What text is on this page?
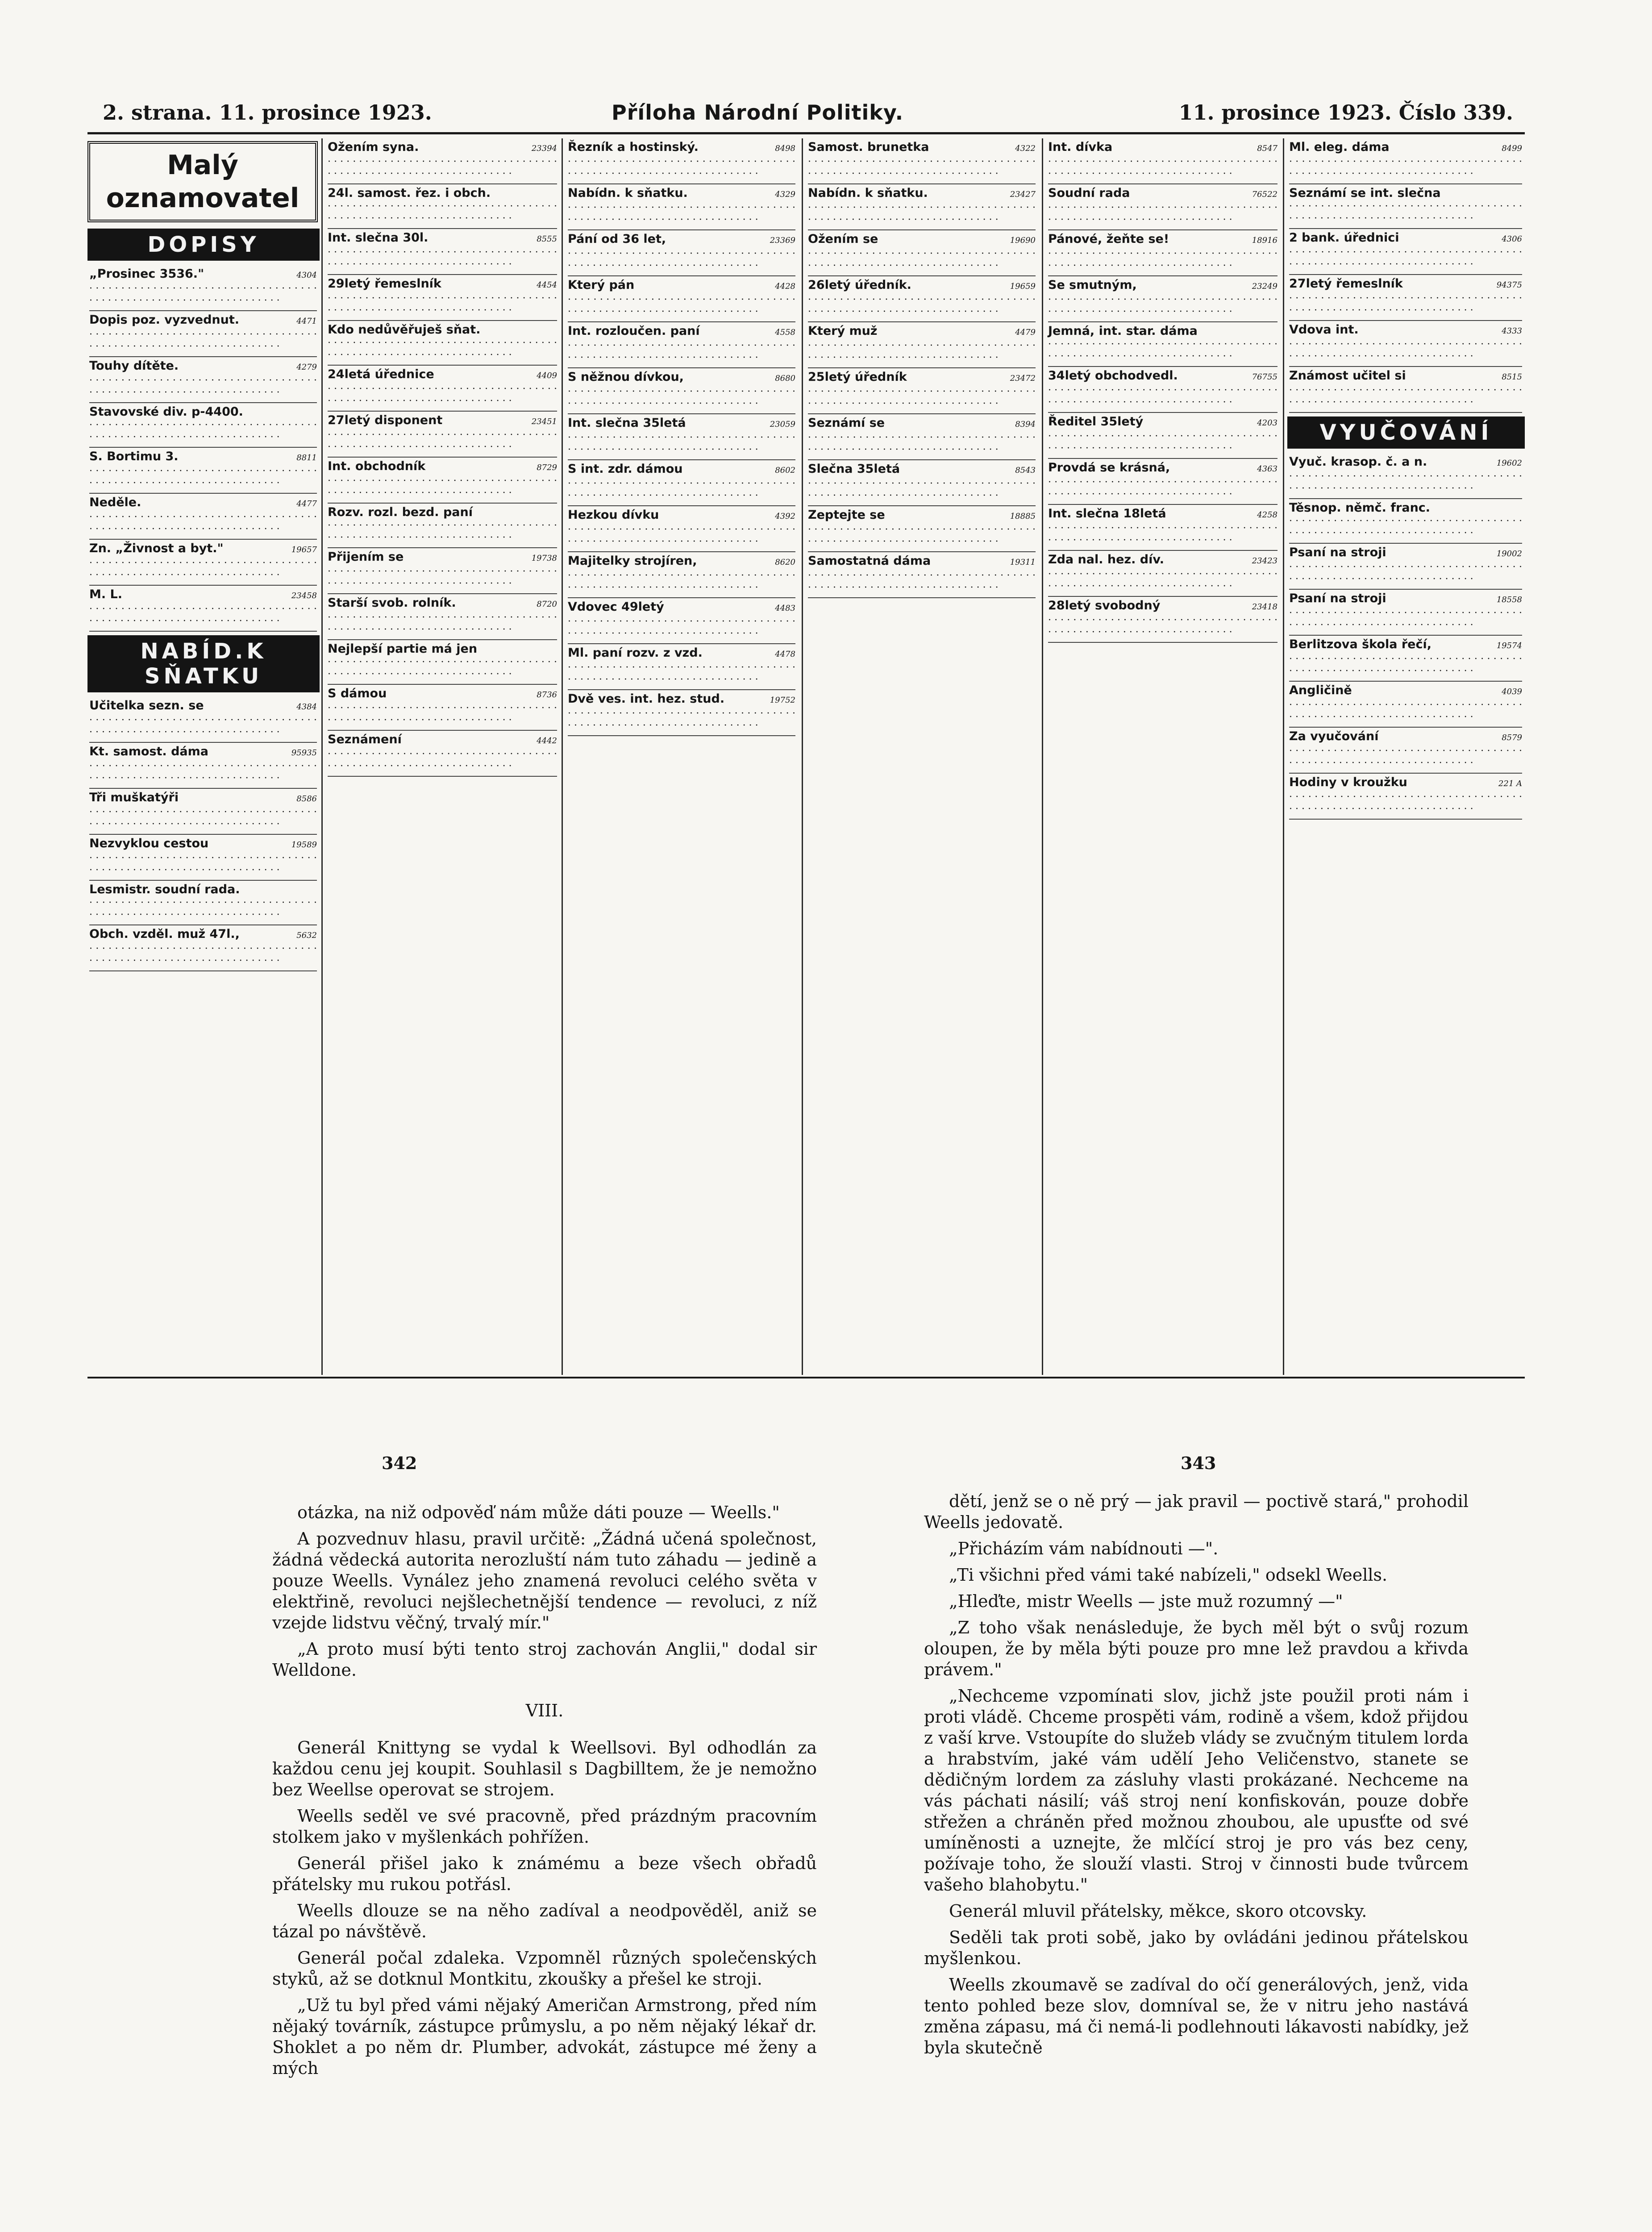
2. strana. 11. prosince 1923.	Příloha Národní Politiky.	11. prosince 1923. Číslo 339.
Malý
oznamovatel
DOPISY
„Prosinec 3536."	4304
· · · · · · · · · · · · · · · · · · · · · · · · · · · · · · · · · · · · · · · · · · · · · · · · · · · · · · · · · · · · · · · · · · ·
Dopis poz. vyzvednut.	4471
· · · · · · · · · · · · · · · · · · · · · · · · · · · · · · · · · · · · · · · · · · · · · · · · · · · · · · · · · · · · · · · · · · ·
Touhy dítěte.	4279
· · · · · · · · · · · · · · · · · · · · · · · · · · · · · · · · · · · · · · · · · · · · · · · · · · · · · · · · · · · · · · · · · · ·
Stavovské div. p-4400.
· · · · · · · · · · · · · · · · · · · · · · · · · · · · · · · · · · · · · · · · · · · · · · · · · · · · · · · · · · · · · · · · · · ·
S. Bortimu 3.	8811
· · · · · · · · · · · · · · · · · · · · · · · · · · · · · · · · · · · · · · · · · · · · · · · · · · · · · · · · · · · · · · · · · · ·
Neděle.	4477
· · · · · · · · · · · · · · · · · · · · · · · · · · · · · · · · · · · · · · · · · · · · · · · · · · · · · · · · · · · · · · · · · · ·
Zn. „Živnost a byt."	19657
· · · · · · · · · · · · · · · · · · · · · · · · · · · · · · · · · · · · · · · · · · · · · · · · · · · · · · · · · · · · · · · · · · ·
M. L.	23458
· · · · · · · · · · · · · · · · · · · · · · · · · · · · · · · · · · · · · · · · · · · · · · · · · · · · · · · · · · · · · · · · · · ·
NABÍD.K SŇATKU
Učitelka sezn. se	4384
· · · · · · · · · · · · · · · · · · · · · · · · · · · · · · · · · · · · · · · · · · · · · · · · · · · · · · · · · · · · · · · · · · ·
Kt. samost. dáma	95935
· · · · · · · · · · · · · · · · · · · · · · · · · · · · · · · · · · · · · · · · · · · · · · · · · · · · · · · · · · · · · · · · · · ·
Tři muškatýři	8586
· · · · · · · · · · · · · · · · · · · · · · · · · · · · · · · · · · · · · · · · · · · · · · · · · · · · · · · · · · · · · · · · · · ·
Nezvyklou cestou	19589
· · · · · · · · · · · · · · · · · · · · · · · · · · · · · · · · · · · · · · · · · · · · · · · · · · · · · · · · · · · · · · · · · · ·
Lesmistr. soudní rada.
· · · · · · · · · · · · · · · · · · · · · · · · · · · · · · · · · · · · · · · · · · · · · · · · · · · · · · · · · · · · · · · · · · ·
Obch. vzděl. muž 47l.,	5632
· · · · · · · · · · · · · · · · · · · · · · · · · · · · · · · · · · · · · · · · · · · · · · · · · · · · · · · · · · · · · · · · · · ·
Ožením syna.	23394
· · · · · · · · · · · · · · · · · · · · · · · · · · · · · · · · · · · · · · · · · · · · · · · · · · · · · · · · · · · · · · · · · · ·
24l. samost. řez. i obch.
· · · · · · · · · · · · · · · · · · · · · · · · · · · · · · · · · · · · · · · · · · · · · · · · · · · · · · · · · · · · · · · · · · ·
Int. slečna 30l.	8555
· · · · · · · · · · · · · · · · · · · · · · · · · · · · · · · · · · · · · · · · · · · · · · · · · · · · · · · · · · · · · · · · · · ·
29letý řemeslník	4454
· · · · · · · · · · · · · · · · · · · · · · · · · · · · · · · · · · · · · · · · · · · · · · · · · · · · · · · · · · · · · · · · · · ·
Kdo nedůvěřuješ sňat.
· · · · · · · · · · · · · · · · · · · · · · · · · · · · · · · · · · · · · · · · · · · · · · · · · · · · · · · · · · · · · · · · · · ·
24letá úřednice	4409
· · · · · · · · · · · · · · · · · · · · · · · · · · · · · · · · · · · · · · · · · · · · · · · · · · · · · · · · · · · · · · · · · · ·
27letý disponent	23451
· · · · · · · · · · · · · · · · · · · · · · · · · · · · · · · · · · · · · · · · · · · · · · · · · · · · · · · · · · · · · · · · · · ·
Int. obchodník	8729
· · · · · · · · · · · · · · · · · · · · · · · · · · · · · · · · · · · · · · · · · · · · · · · · · · · · · · · · · · · · · · · · · · ·
Rozv. rozl. bezd. paní
· · · · · · · · · · · · · · · · · · · · · · · · · · · · · · · · · · · · · · · · · · · · · · · · · · · · · · · · · · · · · · · · · · ·
Přijením se	19738
· · · · · · · · · · · · · · · · · · · · · · · · · · · · · · · · · · · · · · · · · · · · · · · · · · · · · · · · · · · · · · · · · · ·
Starší svob. rolník.	8720
· · · · · · · · · · · · · · · · · · · · · · · · · · · · · · · · · · · · · · · · · · · · · · · · · · · · · · · · · · · · · · · · · · ·
Nejlepší partie má jen
· · · · · · · · · · · · · · · · · · · · · · · · · · · · · · · · · · · · · · · · · · · · · · · · · · · · · · · · · · · · · · · · · · ·
S dámou	8736
· · · · · · · · · · · · · · · · · · · · · · · · · · · · · · · · · · · · · · · · · · · · · · · · · · · · · · · · · · · · · · · · · · ·
Seznámení	4442
· · · · · · · · · · · · · · · · · · · · · · · · · · · · · · · · · · · · · · · · · · · · · · · · · · · · · · · · · · · · · · · · · · ·
Řezník a hostinský.	8498
· · · · · · · · · · · · · · · · · · · · · · · · · · · · · · · · · · · · · · · · · · · · · · · · · · · · · · · · · · · · · · · · · · ·
Nabídn. k sňatku.	4329
· · · · · · · · · · · · · · · · · · · · · · · · · · · · · · · · · · · · · · · · · · · · · · · · · · · · · · · · · · · · · · · · · · ·
Pání od 36 let,	23369
· · · · · · · · · · · · · · · · · · · · · · · · · · · · · · · · · · · · · · · · · · · · · · · · · · · · · · · · · · · · · · · · · · ·
Který pán	4428
· · · · · · · · · · · · · · · · · · · · · · · · · · · · · · · · · · · · · · · · · · · · · · · · · · · · · · · · · · · · · · · · · · ·
Int. rozloučen. paní	4558
· · · · · · · · · · · · · · · · · · · · · · · · · · · · · · · · · · · · · · · · · · · · · · · · · · · · · · · · · · · · · · · · · · ·
S něžnou dívkou,	8680
· · · · · · · · · · · · · · · · · · · · · · · · · · · · · · · · · · · · · · · · · · · · · · · · · · · · · · · · · · · · · · · · · · ·
Int. slečna 35letá	23059
· · · · · · · · · · · · · · · · · · · · · · · · · · · · · · · · · · · · · · · · · · · · · · · · · · · · · · · · · · · · · · · · · · ·
S int. zdr. dámou	8602
· · · · · · · · · · · · · · · · · · · · · · · · · · · · · · · · · · · · · · · · · · · · · · · · · · · · · · · · · · · · · · · · · · ·
Hezkou dívku	4392
· · · · · · · · · · · · · · · · · · · · · · · · · · · · · · · · · · · · · · · · · · · · · · · · · · · · · · · · · · · · · · · · · · ·
Majitelky strojíren,	8620
· · · · · · · · · · · · · · · · · · · · · · · · · · · · · · · · · · · · · · · · · · · · · · · · · · · · · · · · · · · · · · · · · · ·
Vdovec 49letý	4483
· · · · · · · · · · · · · · · · · · · · · · · · · · · · · · · · · · · · · · · · · · · · · · · · · · · · · · · · · · · · · · · · · · ·
Ml. paní rozv. z vzd.	4478
· · · · · · · · · · · · · · · · · · · · · · · · · · · · · · · · · · · · · · · · · · · · · · · · · · · · · · · · · · · · · · · · · · ·
Dvě ves. int. hez. stud.	19752
· · · · · · · · · · · · · · · · · · · · · · · · · · · · · · · · · · · · · · · · · · · · · · · · · · · · · · · · · · · · · · · · · · ·
Samost. brunetka	4322
· · · · · · · · · · · · · · · · · · · · · · · · · · · · · · · · · · · · · · · · · · · · · · · · · · · · · · · · · · · · · · · · · · ·
Nabídn. k sňatku.	23427
· · · · · · · · · · · · · · · · · · · · · · · · · · · · · · · · · · · · · · · · · · · · · · · · · · · · · · · · · · · · · · · · · · ·
Ožením se	19690
· · · · · · · · · · · · · · · · · · · · · · · · · · · · · · · · · · · · · · · · · · · · · · · · · · · · · · · · · · · · · · · · · · ·
26letý úředník.	19659
· · · · · · · · · · · · · · · · · · · · · · · · · · · · · · · · · · · · · · · · · · · · · · · · · · · · · · · · · · · · · · · · · · ·
Který muž	4479
· · · · · · · · · · · · · · · · · · · · · · · · · · · · · · · · · · · · · · · · · · · · · · · · · · · · · · · · · · · · · · · · · · ·
25letý úředník	23472
· · · · · · · · · · · · · · · · · · · · · · · · · · · · · · · · · · · · · · · · · · · · · · · · · · · · · · · · · · · · · · · · · · ·
Seznámí se	8394
· · · · · · · · · · · · · · · · · · · · · · · · · · · · · · · · · · · · · · · · · · · · · · · · · · · · · · · · · · · · · · · · · · ·
Slečna 35letá	8543
· · · · · · · · · · · · · · · · · · · · · · · · · · · · · · · · · · · · · · · · · · · · · · · · · · · · · · · · · · · · · · · · · · ·
Zeptejte se	18885
· · · · · · · · · · · · · · · · · · · · · · · · · · · · · · · · · · · · · · · · · · · · · · · · · · · · · · · · · · · · · · · · · · ·
Samostatná dáma	19311
· · · · · · · · · · · · · · · · · · · · · · · · · · · · · · · · · · · · · · · · · · · · · · · · · · · · · · · · · · · · · · · · · · ·
Int. dívka	8547
· · · · · · · · · · · · · · · · · · · · · · · · · · · · · · · · · · · · · · · · · · · · · · · · · · · · · · · · · · · · · · · · · · ·
Soudní rada	76522
· · · · · · · · · · · · · · · · · · · · · · · · · · · · · · · · · · · · · · · · · · · · · · · · · · · · · · · · · · · · · · · · · · ·
Pánové, žeňte se!	18916
· · · · · · · · · · · · · · · · · · · · · · · · · · · · · · · · · · · · · · · · · · · · · · · · · · · · · · · · · · · · · · · · · · ·
Se smutným,	23249
· · · · · · · · · · · · · · · · · · · · · · · · · · · · · · · · · · · · · · · · · · · · · · · · · · · · · · · · · · · · · · · · · · ·
Jemná, int. star. dáma
· · · · · · · · · · · · · · · · · · · · · · · · · · · · · · · · · · · · · · · · · · · · · · · · · · · · · · · · · · · · · · · · · · ·
34letý obchodvedl.	76755
· · · · · · · · · · · · · · · · · · · · · · · · · · · · · · · · · · · · · · · · · · · · · · · · · · · · · · · · · · · · · · · · · · ·
Ředitel 35letý	4203
· · · · · · · · · · · · · · · · · · · · · · · · · · · · · · · · · · · · · · · · · · · · · · · · · · · · · · · · · · · · · · · · · · ·
Provdá se krásná,	4363
· · · · · · · · · · · · · · · · · · · · · · · · · · · · · · · · · · · · · · · · · · · · · · · · · · · · · · · · · · · · · · · · · · ·
Int. slečna 18letá	4258
· · · · · · · · · · · · · · · · · · · · · · · · · · · · · · · · · · · · · · · · · · · · · · · · · · · · · · · · · · · · · · · · · · ·
Zda nal. hez. dív.	23423
· · · · · · · · · · · · · · · · · · · · · · · · · · · · · · · · · · · · · · · · · · · · · · · · · · · · · · · · · · · · · · · · · · ·
28letý svobodný	23418
· · · · · · · · · · · · · · · · · · · · · · · · · · · · · · · · · · · · · · · · · · · · · · · · · · · · · · · · · · · · · · · · · · ·
Ml. eleg. dáma	8499
· · · · · · · · · · · · · · · · · · · · · · · · · · · · · · · · · · · · · · · · · · · · · · · · · · · · · · · · · · · · · · · · · · ·
Seznámí se int. slečna
· · · · · · · · · · · · · · · · · · · · · · · · · · · · · · · · · · · · · · · · · · · · · · · · · · · · · · · · · · · · · · · · · · ·
2 bank. úřednici	4306
· · · · · · · · · · · · · · · · · · · · · · · · · · · · · · · · · · · · · · · · · · · · · · · · · · · · · · · · · · · · · · · · · · ·
27letý řemeslník	94375
· · · · · · · · · · · · · · · · · · · · · · · · · · · · · · · · · · · · · · · · · · · · · · · · · · · · · · · · · · · · · · · · · · ·
Vdova int.	4333
· · · · · · · · · · · · · · · · · · · · · · · · · · · · · · · · · · · · · · · · · · · · · · · · · · · · · · · · · · · · · · · · · · ·
Známost učitel si	8515
· · · · · · · · · · · · · · · · · · · · · · · · · · · · · · · · · · · · · · · · · · · · · · · · · · · · · · · · · · · · · · · · · · ·
VYUČOVÁNÍ
Vyuč. krasop. č. a n.	19602
· · · · · · · · · · · · · · · · · · · · · · · · · · · · · · · · · · · · · · · · · · · · · · · · · · · · · · · · · · · · · · · · · · ·
Těsnop. němč. franc.
· · · · · · · · · · · · · · · · · · · · · · · · · · · · · · · · · · · · · · · · · · · · · · · · · · · · · · · · · · · · · · · · · · ·
Psaní na stroji	19002
· · · · · · · · · · · · · · · · · · · · · · · · · · · · · · · · · · · · · · · · · · · · · · · · · · · · · · · · · · · · · · · · · · ·
Psaní na stroji	18558
· · · · · · · · · · · · · · · · · · · · · · · · · · · · · · · · · · · · · · · · · · · · · · · · · · · · · · · · · · · · · · · · · · ·
Berlitzova škola řečí,	19574
· · · · · · · · · · · · · · · · · · · · · · · · · · · · · · · · · · · · · · · · · · · · · · · · · · · · · · · · · · · · · · · · · · ·
Angličině	4039
· · · · · · · · · · · · · · · · · · · · · · · · · · · · · · · · · · · · · · · · · · · · · · · · · · · · · · · · · · · · · · · · · · ·
Za vyučování	8579
· · · · · · · · · · · · · · · · · · · · · · · · · · · · · · · · · · · · · · · · · · · · · · · · · · · · · · · · · · · · · · · · · · ·
Hodiny v kroužku	221 A
· · · · · · · · · · · · · · · · · · · · · · · · · · · · · · · · · · · · · · · · · · · · · · · · · · · · · · · · · · · · · · · · · · ·
342	343

otázka, na niž odpověď nám může dáti pouze — Weells."

A pozvednuv hlasu, pravil určitě: „Žádná učená společnost, žádná vědecká autorita nerozluští nám tuto záhadu — jedině a pouze Weells. Vynález jeho znamená revoluci celého světa v elektřině, revoluci nejšlechetnější tendence — revoluci, z níž vzejde lidstvu věčný, trvalý mír."

„A proto musí býti tento stroj zachován Anglii," dodal sir Welldone.

VIII.

Generál Knittyng se vydal k Weellsovi. Byl odhodlán za každou cenu jej koupit. Souhlasil s Dagbilltem, že je nemožno bez Weellse operovat se strojem.

Weells seděl ve své pracovně, před prázdným pracovním stolkem jako v myšlenkách pohřížen.

Generál přišel jako k známému a beze všech obřadů přátelsky mu rukou potřásl.

Weells dlouze se na něho zadíval a neodpověděl, aniž se tázal po návštěvě.

Generál počal zdaleka. Vzpomněl různých společenských styků, až se dotknul Montkitu, zkoušky a přešel ke stroji.

„Už tu byl před vámi nějaký Američan Armstrong, před ním nějaký továrník, zástupce průmyslu, a po něm nějaký lékař dr. Shoklet a po něm dr. Plumber, advokát, zástupce mé ženy a mých

dětí, jenž se o ně prý — jak pravil — poctivě stará," prohodil Weells jedovatě.

„Přicházím vám nabídnouti —".

„Ti všichni před vámi také nabízeli," odsekl Weells.

„Hleďte, mistr Weells — jste muž rozumný —"

„Z toho však nenásleduje, že bych měl být o svůj rozum oloupen, že by měla býti pouze pro mne lež pravdou a křivda právem."

„Nechceme vzpomínati slov, jichž jste použil proti nám i proti vládě. Chceme prospěti vám, rodině a všem, kdož přijdou z vaší krve. Vstoupíte do služeb vlády se zvučným titulem lorda a hrabstvím, jaké vám udělí Jeho Veličenstvo, stanete se dědičným lordem za zásluhy vlasti prokázané. Nechceme na vás páchati násilí; váš stroj není konfiskován, pouze dobře střežen a chráněn před možnou zhoubou, ale upusťte od své umíněnosti a uznejte, že mlčící stroj je pro vás bez ceny, požívaje toho, že slouží vlasti. Stroj v činnosti bude tvůrcem vašeho blahobytu."

Generál mluvil přátelsky, měkce, skoro otcovsky.

Seděli tak proti sobě, jako by ovládáni jedinou přátelskou myšlenkou.

Weells zkoumavě se zadíval do očí generálových, jenž, vida tento pohled beze slov, domníval se, že v nitru jeho nastává změna zápasu, má či nemá-li podlehnouti lákavosti nabídky, jež byla skutečně
